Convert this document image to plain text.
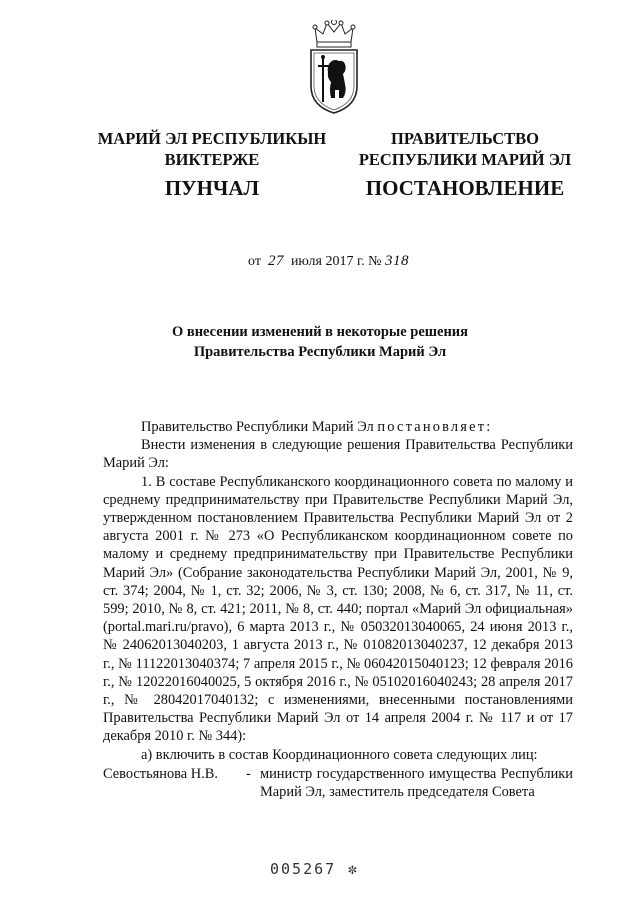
МАРИЙ ЭЛ РЕСПУБЛИКЫН
ВИКТЕРЖЕ
ПРАВИТЕЛЬСТВО
РЕСПУБЛИКИ МАРИЙ ЭЛ
ПУНЧАЛ	ПОСТАНОВЛЕНИЕ
от 27 июля 2017 г. № 318
О внесении изменений в некоторые решения
Правительства Республики Марий Эл

Правительство Республики Марий Эл постановляет:

Внести изменения в следующие решения Правительства Республики Марий Эл:

1. В составе Республиканского координационного совета по малому и среднему предпринимательству при Правительстве Республики Марий Эл, утвержденном постановлением Правительства Республики Марий Эл от 2 августа 2001 г. № 273 «О Республиканском координационном совете по малому и среднему предпринимательству при Правительстве Республики Марий Эл» (Собрание законодательства Республики Марий Эл, 2001, № 9, ст. 374; 2004, № 1, ст. 32; 2006, № 3, ст. 130; 2008, № 6, ст. 317, № 11, ст. 599; 2010, № 8, ст. 421; 2011, № 8, ст. 440; портал «Марий Эл официальная» (portal.mari.ru/pravo), 6 марта 2013 г., № 05032013040065, 24 июня 2013 г., № 24062013040203, 1 августа 2013 г., № 01082013040237, 12 декабря 2013 г., № 11122013040374; 7 апреля 2015 г., № 06042015040123; 12 февраля 2016 г., № 12022016040025, 5 октября 2016 г., № 05102016040243; 28 апреля 2017 г., № 28042017040132; с изменениями, внесенными постановлениями Правительства Республики Марий Эл от 14 апреля 2004 г. № 117 и от 17 декабря 2010 г. № 344):

а) включить в состав Координационного совета следующих лиц:

Севостьянова Н.В.	- министр государственного имущества Республики Марий Эл, заместитель председателя Совета
005267 ✼
